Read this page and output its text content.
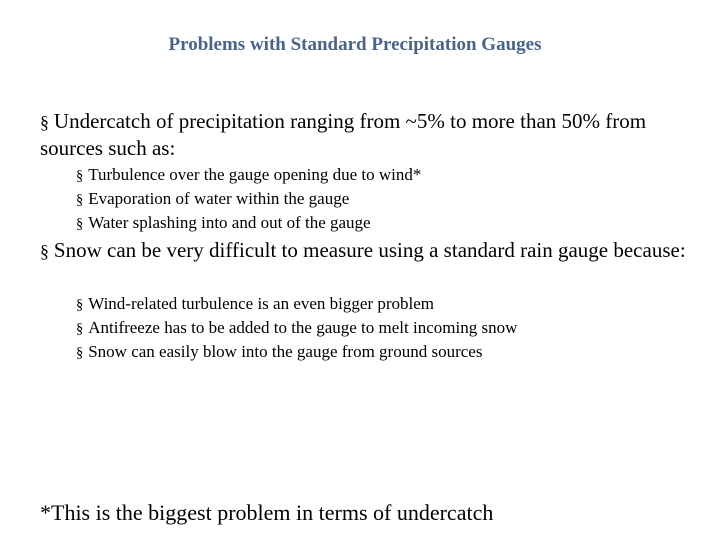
Problems with Standard Precipitation Gauges
§ Undercatch of precipitation ranging from ~5% to more than 50% from sources such as:
§ Turbulence over the gauge opening due to wind*
§ Evaporation of water within the gauge
§ Water splashing into and out of the gauge
§ Snow can be very difficult to measure using a standard rain gauge because:
§ Wind-related turbulence is an even bigger problem
§ Antifreeze has to be added to the gauge to melt incoming snow
§ Snow can easily blow into the gauge from ground sources
*This is the biggest problem in terms of undercatch
